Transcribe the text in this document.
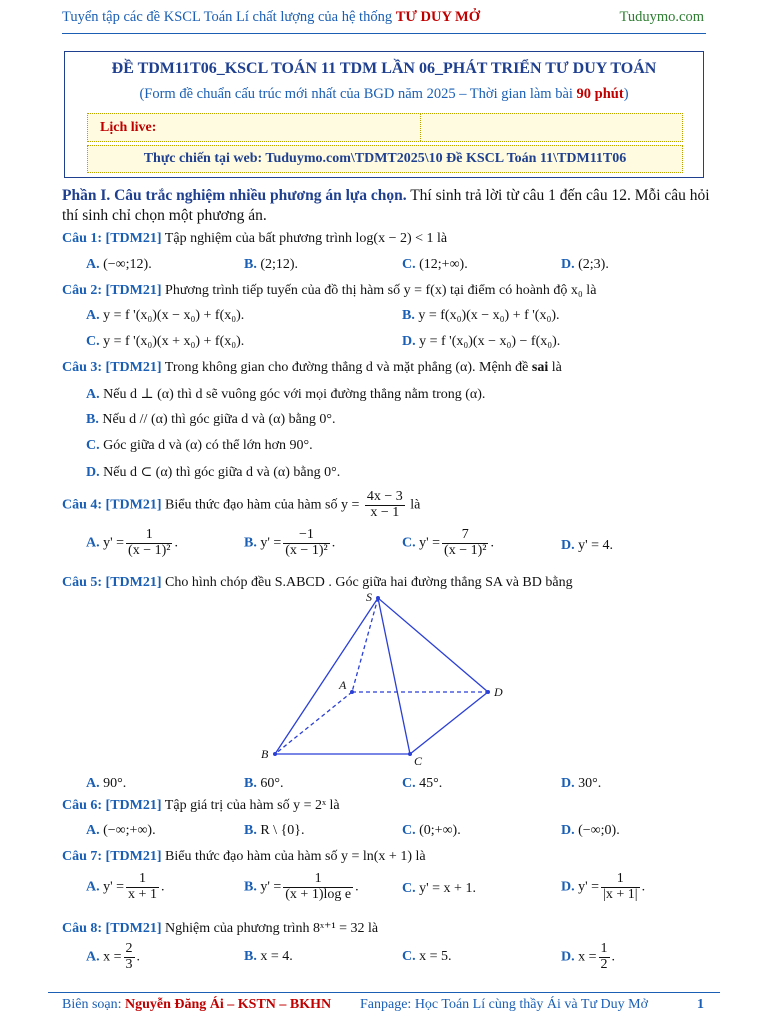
Tuyển tập các đề KSCL Toán Lí chất lượng của hệ thống TƯ DUY MỞ	Tuduymo.com
ĐỀ TDM11T06_KSCL TOÁN 11 TDM LẦN 06_PHÁT TRIỂN TƯ DUY TOÁN
(Form đề chuẩn cấu trúc mới nhất của BGD năm 2025 – Thời gian làm bài 90 phút)
Lịch live:
Thực chiến tại web: Tuduymo.com\TDMT2025\10 Đề KSCL Toán 11\TDM11T06
Phần I. Câu trắc nghiệm nhiều phương án lựa chọn. Thí sinh trả lời từ câu 1 đến câu 12. Mỗi câu hỏi thí sinh chỉ chọn một phương án.
Câu 1: [TDM21] Tập nghiệm của bất phương trình log(x − 2) < 1 là
A. (−∞;12).	B. (2;12).	C. (12;+∞).	D. (2;3).
Câu 2: [TDM21] Phương trình tiếp tuyến của đồ thị hàm số y = f(x) tại điểm có hoành độ x₀ là
A. y = f '(x₀)(x − x₀) + f(x₀).	B. y = f(x₀)(x − x₀) + f '(x₀).
C. y = f '(x₀)(x + x₀) + f(x₀).	D. y = f '(x₀)(x − x₀) − f(x₀).
Câu 3: [TDM21] Trong không gian cho đường thẳng d và mặt phẳng (α). Mệnh đề sai là
A. Nếu d ⊥ (α) thì d sẽ vuông góc với mọi đường thẳng nằm trong (α).
B. Nếu d // (α) thì góc giữa d và (α) bằng 0°.
C. Góc giữa d và (α) có thể lớn hơn 90°.
D. Nếu d ⊂ (α) thì góc giữa d và (α) bằng 0°.
Câu 4: [TDM21] Biểu thức đạo hàm của hàm số $y = \frac{4x - 3}{x - 1}$ là
A. $y' = \frac{1}{\text{(x − 1)²}}$ .	B. $y' = \frac{-1}{\text{(x − 1)²}}$ .	C. $y' = \frac{7}{\text{(x − 1)²}}$ .	D. y' = 4.
Câu 5: [TDM21] Cho hình chóp đều S.ABCD . Góc giữa hai đường thẳng SA và BD bằng
S
A
B	C
D
A. 90°.	B. 60°.	C. 45°.	D. 30°.
Câu 6: [TDM21] Tập giá trị của hàm số y = 2ˣ là
A. (−∞;+∞).	B. R \ {0}.	C. (0;+∞).	D. (−∞;0).
Câu 7: [TDM21] Biểu thức đạo hàm của hàm số y = ln(x + 1) là
A. $y' = \frac{1}{x + 1}$ .	B. $y' = \frac{1}{\text{(x + 1)log e}}$ .	C. y' = x + 1.	D. $y' = \frac{1}{|x + 1|}$ .
Câu 8: [TDM21] Nghiệm của phương trình 8ˣ⁺¹ = 32 là
A. $x = \frac{2}{3}$ .	B. x = 4.	C. x = 5.	D. $x = \frac{1}{2}$ .
Biên soạn: Nguyễn Đăng Ái – KSTN – BKHN Fanpage: Học Toán Lí cùng thầy Ái và Tư Duy Mở	1
